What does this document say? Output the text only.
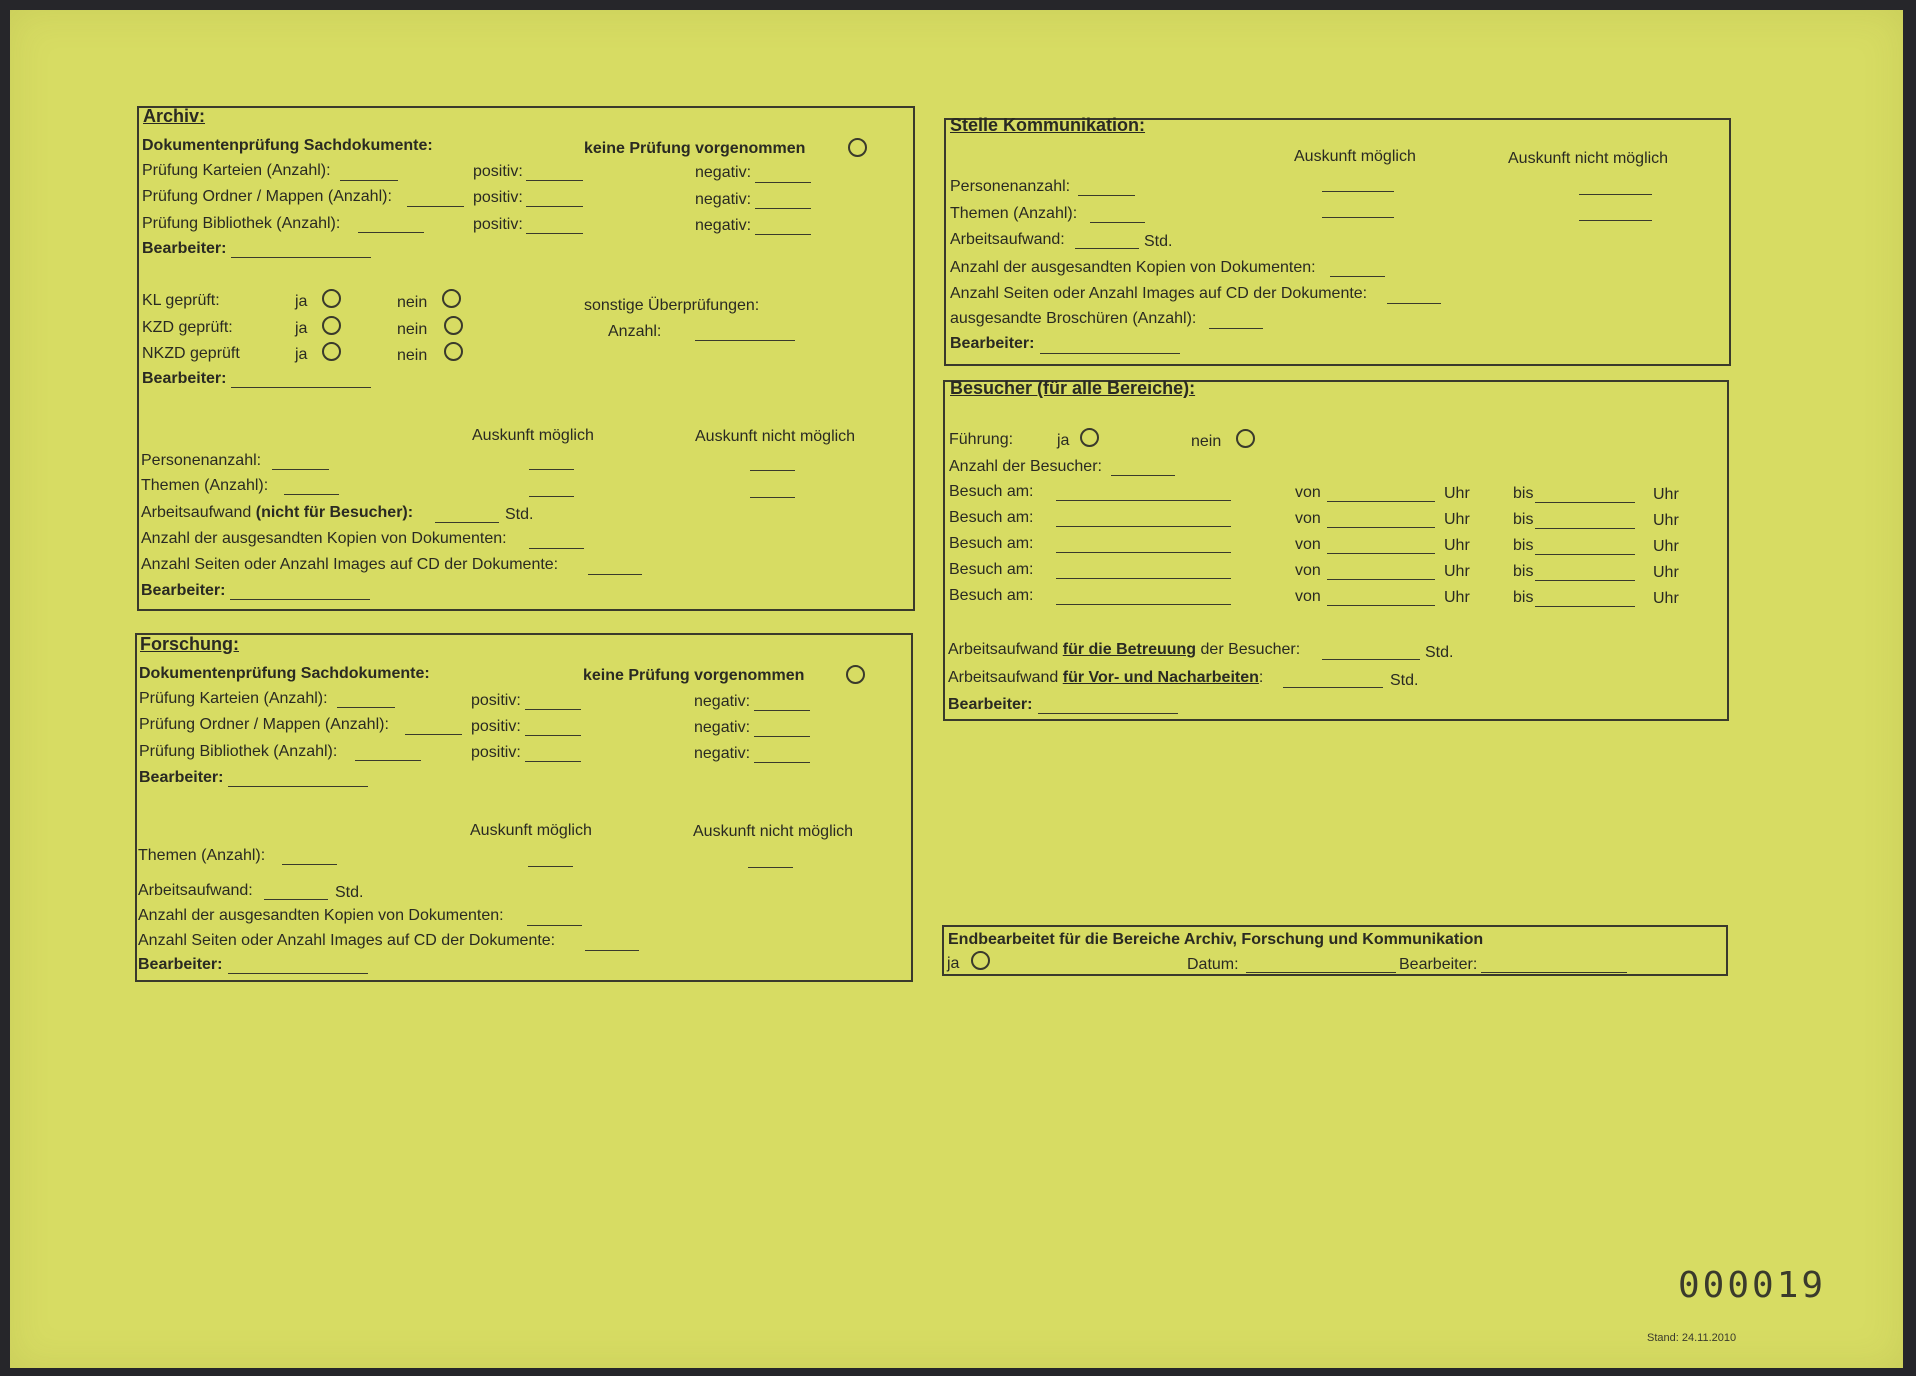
Archiv:
Dokumentenprüfung Sachdokumente:	keine Prüfung vorgenommen
Prüfung Karteien (Anzahl):	positiv:	negativ:
Prüfung Ordner / Mappen (Anzahl):	positiv:	negativ:
Prüfung Bibliothek (Anzahl):	positiv:	negativ:
Bearbeiter:
KL geprüft:	ja	nein
KZD geprüft:	ja	nein
NKZD geprüft	ja	nein
sonstige Überprüfungen:
Anzahl:
Bearbeiter:
Auskunft möglich	Auskunft nicht möglich
Personenanzahl:
Themen (Anzahl):
Arbeitsaufwand (nicht für Besucher):	Std.
Anzahl der ausgesandten Kopien von Dokumenten:
Anzahl Seiten oder Anzahl Images auf CD der Dokumente:
Bearbeiter:
Forschung:
Dokumentenprüfung Sachdokumente:	keine Prüfung vorgenommen
Prüfung Karteien (Anzahl):	positiv:	negativ:
Prüfung Ordner / Mappen (Anzahl):	positiv:	negativ:
Prüfung Bibliothek (Anzahl):	positiv:	negativ:
Bearbeiter:
Auskunft möglich	Auskunft nicht möglich
Themen (Anzahl):
Arbeitsaufwand:	Std.
Anzahl der ausgesandten Kopien von Dokumenten:
Anzahl Seiten oder Anzahl Images auf CD der Dokumente:
Bearbeiter:
Stelle Kommunikation:
Auskunft möglich	Auskunft nicht möglich
Personenanzahl:
Themen (Anzahl):
Arbeitsaufwand:	Std.
Anzahl der ausgesandten Kopien von Dokumenten:
Anzahl Seiten oder Anzahl Images auf CD der Dokumente:
ausgesandte Broschüren (Anzahl):
Bearbeiter:
Besucher (für alle Bereiche):
Führung:	ja	nein
Anzahl der Besucher:
Besuch am:	von	Uhr	bis	Uhr
Besuch am:	von	Uhr	bis	Uhr
Besuch am:	von	Uhr	bis	Uhr
Besuch am:	von	Uhr	bis	Uhr
Besuch am:	von	Uhr	bis	Uhr
Arbeitsaufwand für die Betreuung der Besucher:	Std.
Arbeitsaufwand für Vor- und Nacharbeiten:	Std.
Bearbeiter:
Endbearbeitet für die Bereiche Archiv, Forschung und Kommunikation
ja	Datum:	Bearbeiter:
000019
Stand: 24.11.2010
